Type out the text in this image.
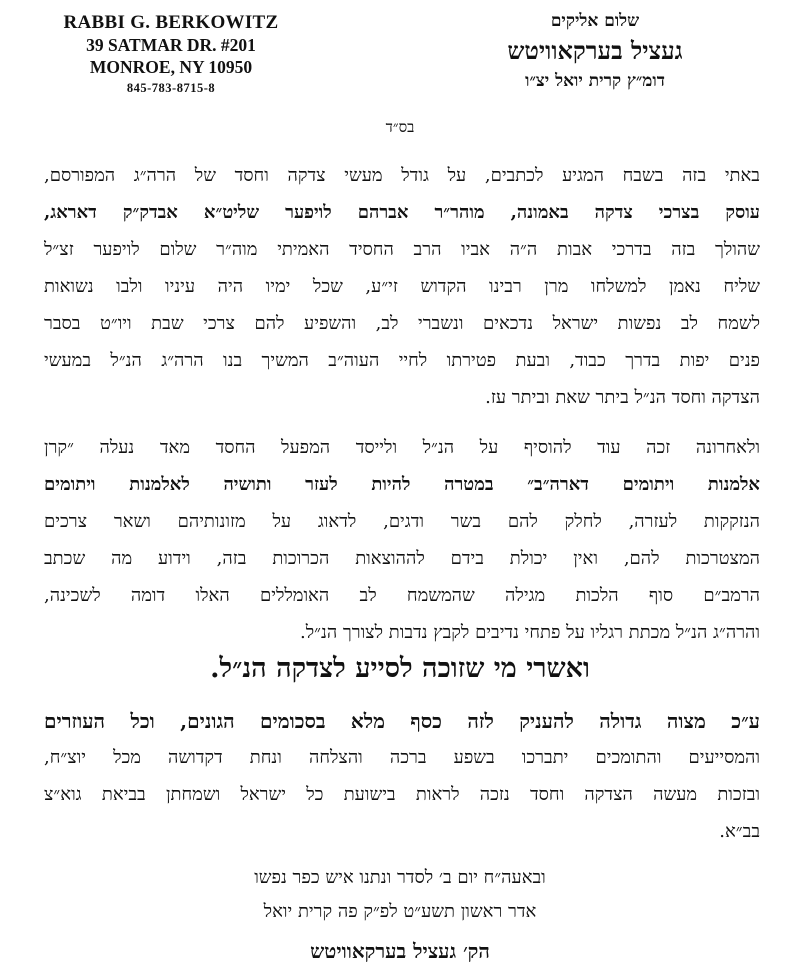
RABBI G. BERKOWITZ
39 SATMAR DR. #201
MONROE, NY 10950
845-783-8715-8
שלום אליקים
געציל בערקאוויטש
דומ״ץ קרית יואל יצ״ו
בס״ד
באתי בזה בשבח המגיע לכתבים, על גודל מעשי צדקה וחסד של הרה״ג המפורסם,
עוסק בצרכי צדקה באמונה, מוהר״ר אברהם לויפער שליט״א אבדק״ק דאראג,
שהולך בזה בדרכי אבות ה״ה אביו הרב החסיד האמיתי מוה״ר שלום לויפער זצ״ל
שליח נאמן למשלחו מרן רבינו הקדוש זי״ע, שכל ימיו היה עיניו ולבו נשואות
לשמח לב נפשות ישראל נדכאים ונשברי לב, והשפיע להם צרכי שבת ויו״ט בסבר
פנים יפות בדרך כבוד, ובעת פטירתו לחיי העוה״ב המשיך בנו הרה״ג הנ״ל במעשי
הצדקה וחסד הנ״ל ביתר שאת וביתר עז.
ולאחרונה זכה עוד להוסיף על הנ״ל ולייסד המפעל החסד מאד נעלה ״קרן
אלמנות ויתומים דארה״ב״ במטרה להיות לעזר ותושיה לאלמנות ויתומים
הנזקקות לעזרה, לחלק להם בשר ודגים, לדאוג על מזונותיהם ושאר צרכים
המצטרכות להם, ואין יכולת בידם לההוצאות הכרוכות בזה, וידוע מה שכתב
הרמב״ם סוף הלכות מגילה שהמשמח לב האומללים האלו דומה לשכינה,
והרה״ג הנ״ל מכתת רגליו על פתחי נדיבים לקבץ נדבות לצורך הנ״ל.
ואשרי מי שזוכה לסייע לצדקה הנ״ל.
ע״כ מצוה גדולה להעניק לזה כסף מלא בסכומים הגונים, וכל העוזרים
והמסייעים והתומכים יתברכו בשפע ברכה והצלחה ונחת דקדושה מכל יוצ״ח,
ובזכות מעשה הצדקה וחסד נזכה לראות בישועת כל ישראל ושמחתן בביאת גוא״צ
בב״א.
ובאעה״ח יום ב׳ לסדר ונתנו איש כפר נפשו
אדר ראשון תשע״ט לפ״ק פה קרית יואל
הק׳ געציל בערקאוויטש
